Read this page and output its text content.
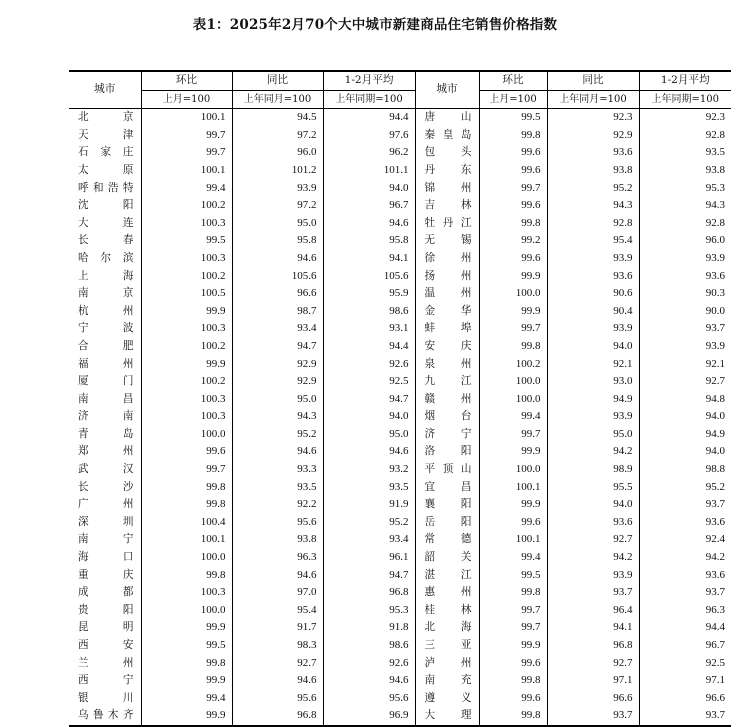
表1：2025年2月70个大中城市新建商品住宅销售价格指数
城市	环比	同比	1-2月平均	城市	环比	同比	1-2月平均
	上月=100	上年同月=100	上年同期=100		上月=100	上年同月=100	上年同期=100
北京	100.1	94.5	94.4	唐山	99.5	92.3	92.3
天津	99.7	97.2	97.6	秦皇岛	99.8	92.9	92.8
石家庄	99.7	96.0	96.2	包头	99.6	93.6	93.5
太原	100.1	101.2	101.1	丹东	99.6	93.8	93.8
呼和浩特	99.4	93.9	94.0	锦州	99.7	95.2	95.3
沈阳	100.2	97.2	96.7	吉林	99.6	94.3	94.3
大连	100.3	95.0	94.6	牡丹江	99.8	92.8	92.8
长春	99.5	95.8	95.8	无锡	99.2	95.4	96.0
哈尔滨	100.3	94.6	94.1	徐州	99.6	93.9	93.9
上海	100.2	105.6	105.6	扬州	99.9	93.6	93.6
南京	100.5	96.6	95.9	温州	100.0	90.6	90.3
杭州	99.9	98.7	98.6	金华	99.9	90.4	90.0
宁波	100.3	93.4	93.1	蚌埠	99.7	93.9	93.7
合肥	100.2	94.7	94.4	安庆	99.8	94.0	93.9
福州	99.9	92.9	92.6	泉州	100.2	92.1	92.1
厦门	100.2	92.9	92.5	九江	100.0	93.0	92.7
南昌	100.3	95.0	94.7	赣州	100.0	94.9	94.8
济南	100.3	94.3	94.0	烟台	99.4	93.9	94.0
青岛	100.0	95.2	95.0	济宁	99.7	95.0	94.9
郑州	99.6	94.6	94.6	洛阳	99.9	94.2	94.0
武汉	99.7	93.3	93.2	平顶山	100.0	98.9	98.8
长沙	99.8	93.5	93.5	宜昌	100.1	95.5	95.2
广州	99.8	92.2	91.9	襄阳	99.9	94.0	93.7
深圳	100.4	95.6	95.2	岳阳	99.6	93.6	93.6
南宁	100.1	93.8	93.4	常德	100.1	92.7	92.4
海口	100.0	96.3	96.1	韶关	99.4	94.2	94.2
重庆	99.8	94.6	94.7	湛江	99.5	93.9	93.6
成都	100.3	97.0	96.8	惠州	99.8	93.7	93.7
贵阳	100.0	95.4	95.3	桂林	99.7	96.4	96.3
昆明	99.9	91.7	91.8	北海	99.7	94.1	94.4
西安	99.5	98.3	98.6	三亚	99.9	96.8	96.7
兰州	99.8	92.7	92.6	泸州	99.6	92.7	92.5
西宁	99.9	94.6	94.6	南充	99.8	97.1	97.1
银川	99.4	95.6	95.6	遵义	99.6	96.6	96.6
乌鲁木齐	99.9	96.8	96.9	大理	99.8	93.7	93.7
